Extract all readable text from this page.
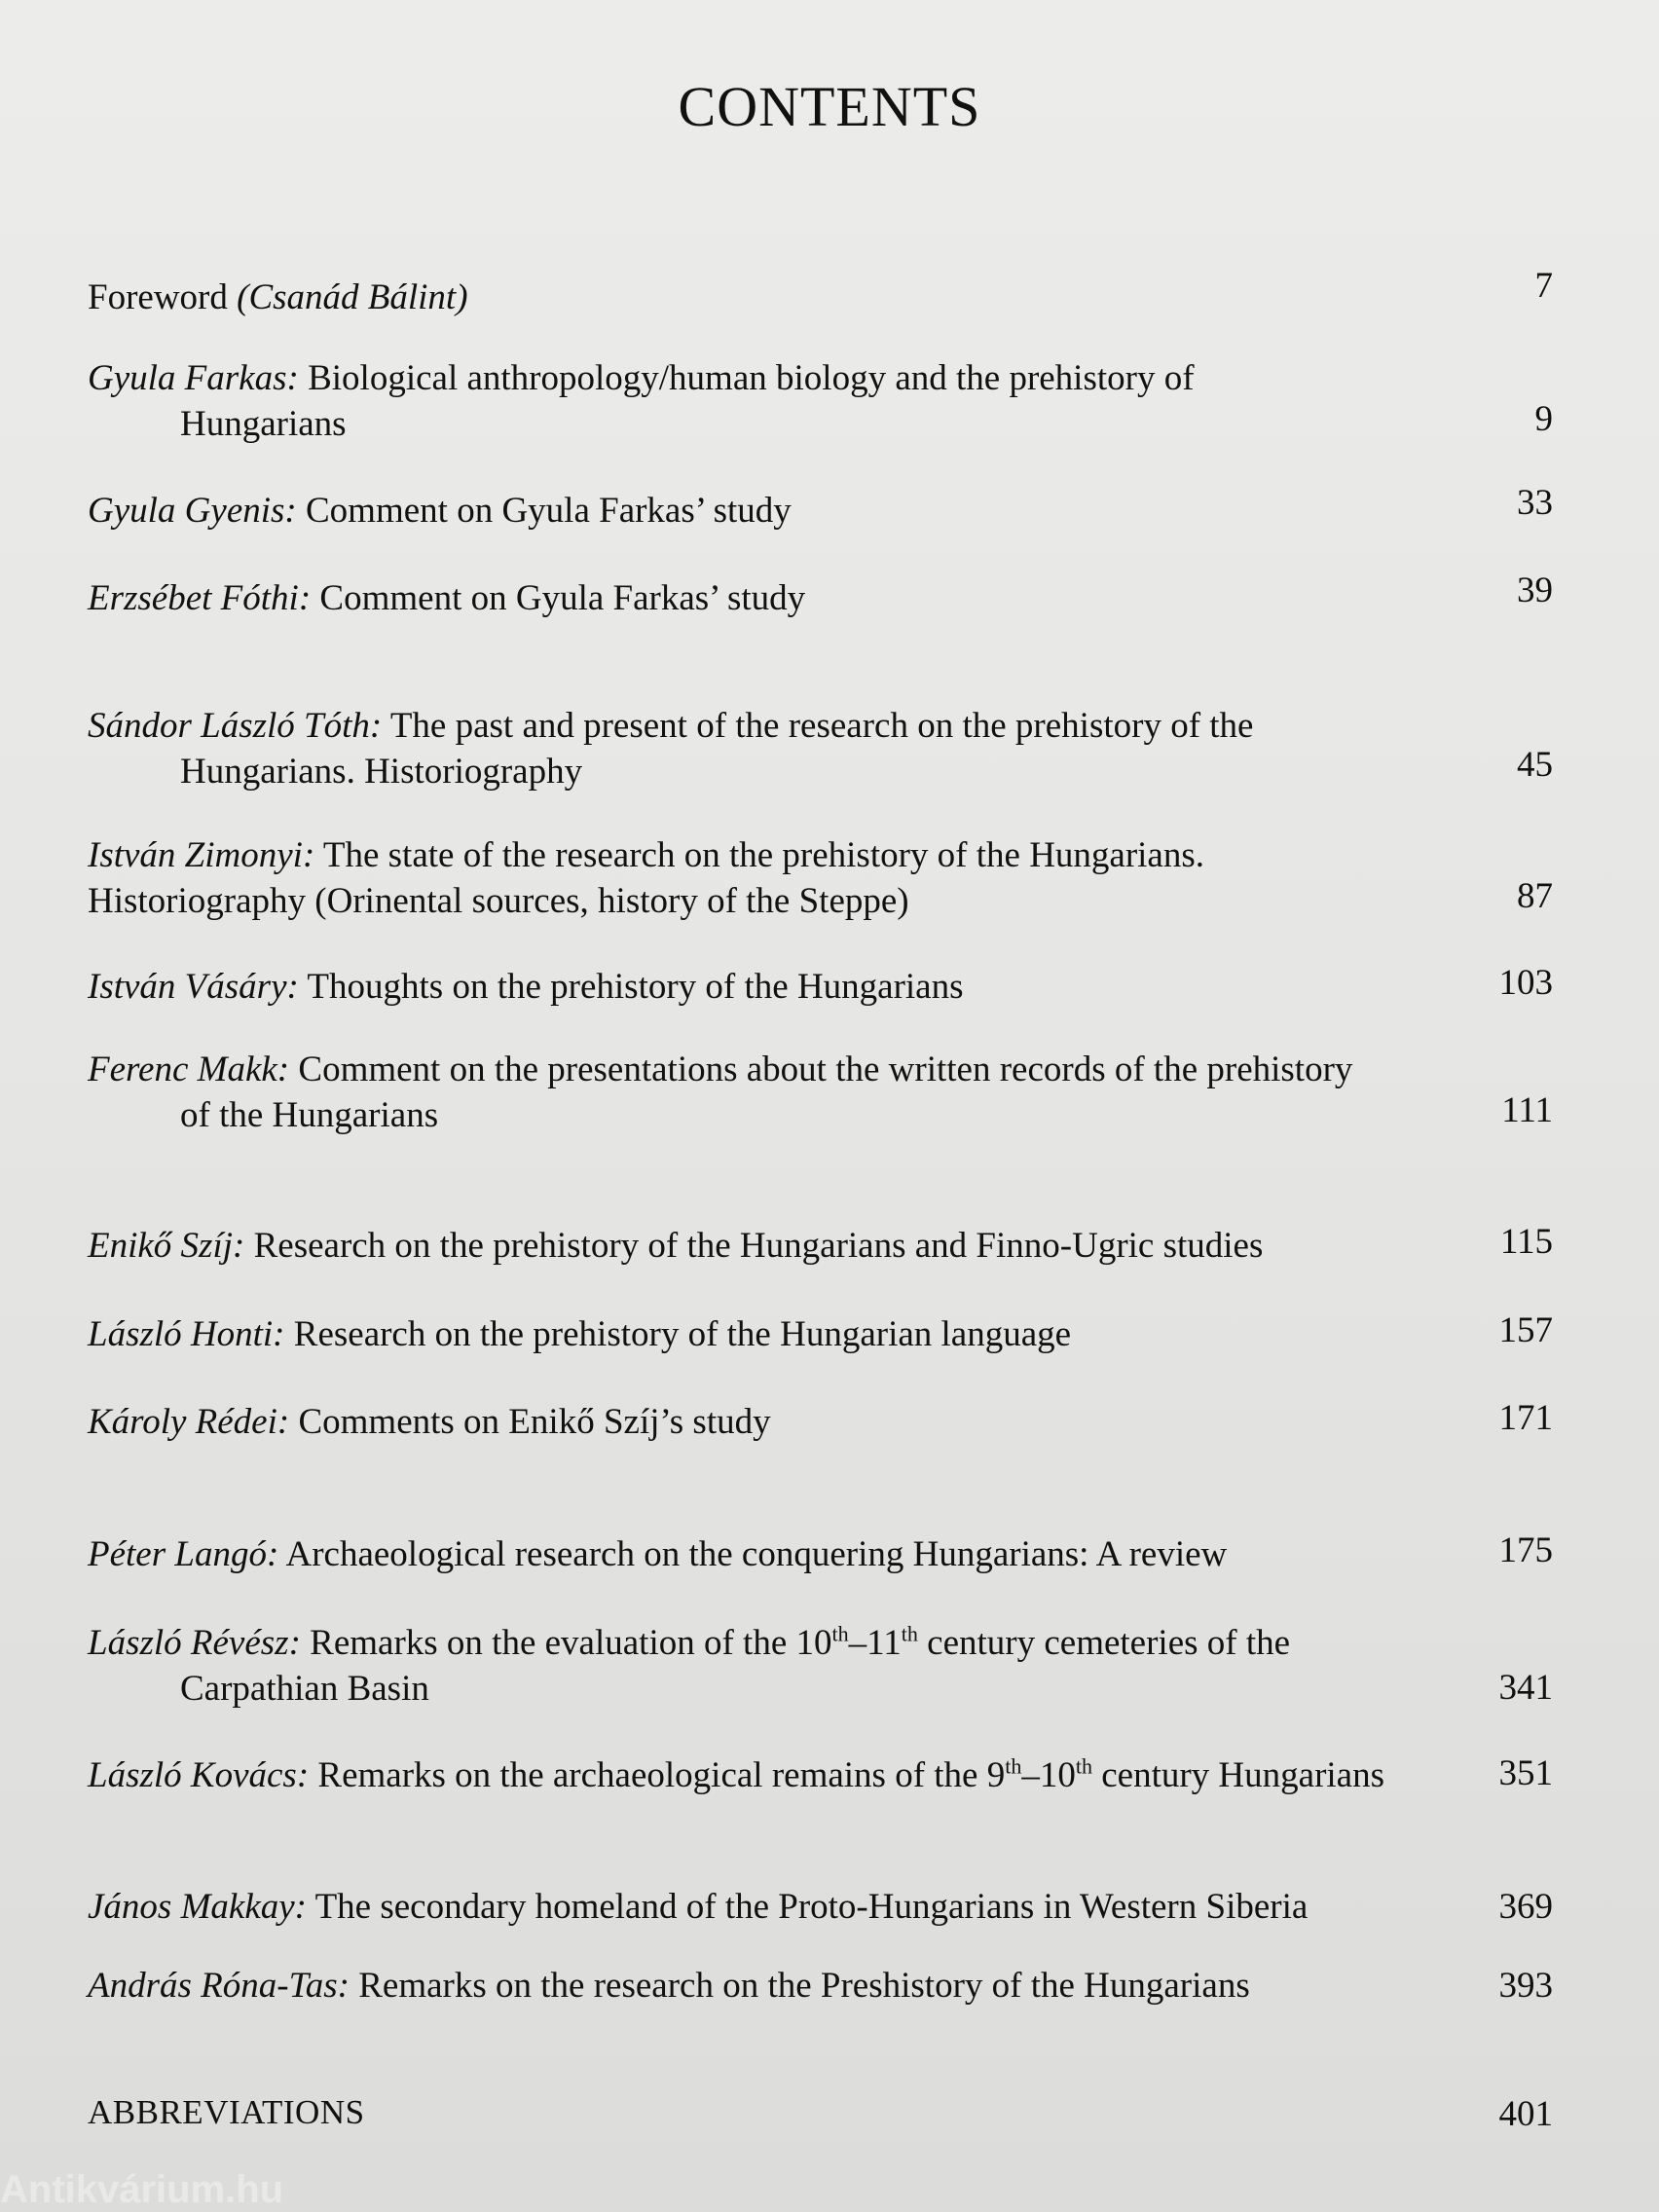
CONTENTS
Foreword (Csanád Bálint)	7
Gyula Farkas: Biological anthropology/human biology and the prehistory of
Hungarians	9
Gyula Gyenis: Comment on Gyula Farkas’ study	33
Erzsébet Fóthi: Comment on Gyula Farkas’ study	39
Sándor László Tóth: The past and present of the research on the prehistory of the
Hungarians. Historiography	45
István Zimonyi: The state of the research on the prehistory of the Hungarians.
Historiography (Orinental sources, history of the Steppe)	87
István Vásáry: Thoughts on the prehistory of the Hungarians	103
Ferenc Makk: Comment on the presentations about the written records of the prehistory
of the Hungarians	111
Enikő Szíj: Research on the prehistory of the Hungarians and Finno-Ugric studies	115
László Honti: Research on the prehistory of the Hungarian language	157
Károly Rédei: Comments on Enikő Szíj’s study	171
Péter Langó: Archaeological research on the conquering Hungarians: A review	175
László Révész: Remarks on the evaluation of the 10th–11th century cemeteries of the
Carpathian Basin	341
László Kovács: Remarks on the archaeological remains of the 9th–10th century Hungarians	351
János Makkay: The secondary homeland of the Proto-Hungarians in Western Siberia	369
András Róna-Tas: Remarks on the research on the Preshistory of the Hungarians	393
ABBREVIATIONS	401
Antikvárium.hu
